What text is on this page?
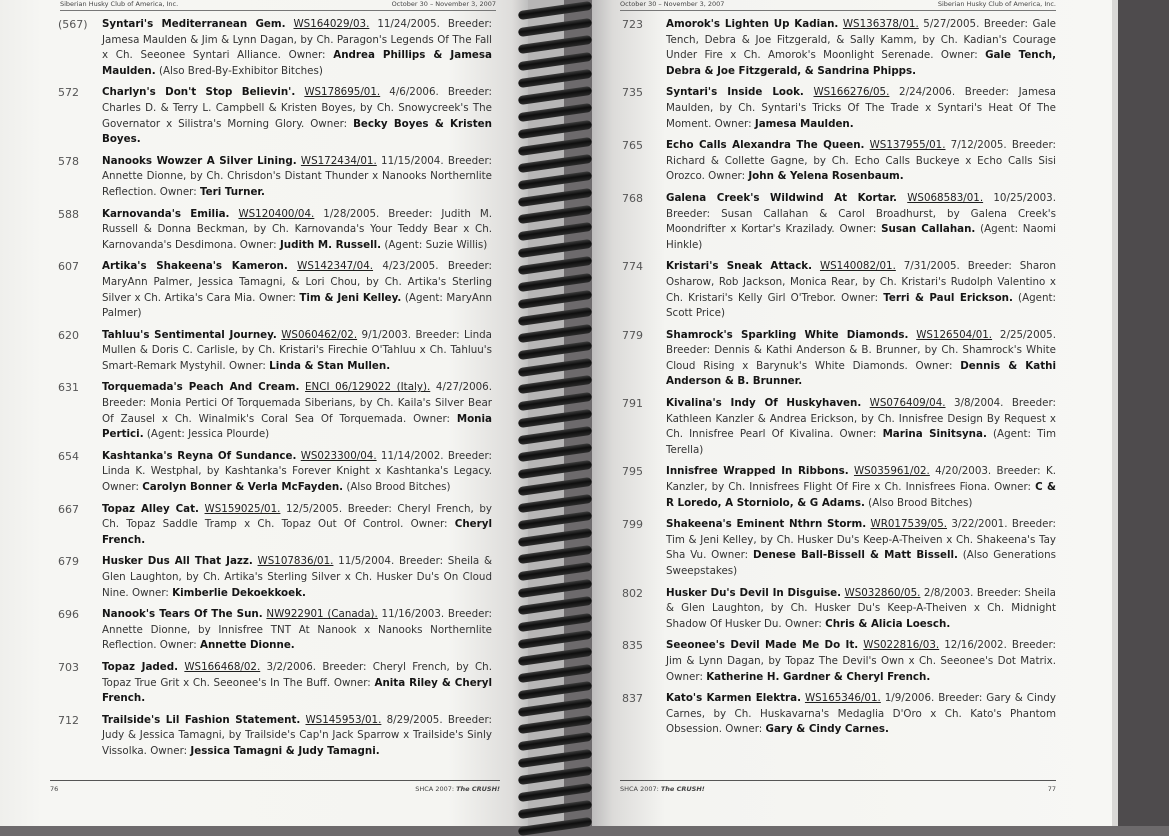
Siberian Husky Club of America, Inc.	October 30 – November 3, 2007
(567)	Syntari's Mediterranean Gem. WS164029/03. 11/24/2005. Breeder: Jamesa Maulden & Jim & Lynn Dagan, by Ch. Paragon's Legends Of The Fall x Ch. Seeonee Syntari Alliance. Owner: Andrea Phillips & Jamesa Maulden. (Also Bred-By-Exhibitor Bitches)
572	Charlyn's Don't Stop Believin'. WS178695/01. 4/6/2006. Breeder: Charles D. & Terry L. Campbell & Kristen Boyes, by Ch. Snowycreek's The Governator x Silistra's Morning Glory. Owner: Becky Boyes & Kristen Boyes.
578	Nanooks Wowzer A Silver Lining. WS172434/01. 11/15/2004. Breeder: Annette Dionne, by Ch. Chrisdon's Distant Thunder x Nanooks Northernlite Reflection. Owner: Teri Turner.
588	Karnovanda's Emilia. WS120400/04. 1/28/2005. Breeder: Judith M. Russell & Donna Beckman, by Ch. Karnovanda's Your Teddy Bear x Ch. Karnovanda's Desdimona. Owner: Judith M. Russell. (Agent: Suzie Willis)
607	Artika's Shakeena's Kameron. WS142347/04. 4/23/2005. Breeder: MaryAnn Palmer, Jessica Tamagni, & Lori Chou, by Ch. Artika's Sterling Silver x Ch. Artika's Cara Mia. Owner: Tim & Jeni Kelley. (Agent: MaryAnn Palmer)
620	Tahluu's Sentimental Journey. WS060462/02. 9/1/2003. Breeder: Linda Mullen & Doris C. Carlisle, by Ch. Kristari's Firechie O'Tahluu x Ch. Tahluu's Smart-Remark Mystyhil. Owner: Linda & Stan Mullen.
631	Torquemada's Peach And Cream. ENCI 06/129022 (Italy). 4/27/2006. Breeder: Monia Pertici Of Torquemada Siberians, by Ch. Kaila's Silver Bear Of Zausel x Ch. Winalmik's Coral Sea Of Torquemada. Owner: Monia Pertici. (Agent: Jessica Plourde)
654	Kashtanka's Reyna Of Sundance. WS023300/04. 11/14/2002. Breeder: Linda K. Westphal, by Kashtanka's Forever Knight x Kashtanka's Legacy. Owner: Carolyn Bonner & Verla McFayden. (Also Brood Bitches)
667	Topaz Alley Cat. WS159025/01. 12/5/2005. Breeder: Cheryl French, by Ch. Topaz Saddle Tramp x Ch. Topaz Out Of Control. Owner: Cheryl French.
679	Husker Dus All That Jazz. WS107836/01. 11/5/2004. Breeder: Sheila & Glen Laughton, by Ch. Artika's Sterling Silver x Ch. Husker Du's On Cloud Nine. Owner: Kimberlie Dekoekkoek.
696	Nanook's Tears Of The Sun. NW922901 (Canada). 11/16/2003. Breeder: Annette Dionne, by Innisfree TNT At Nanook x Nanooks Northernlite Reflection. Owner: Annette Dionne.
703	Topaz Jaded. WS166468/02. 3/2/2006. Breeder: Cheryl French, by Ch. Topaz True Grit x Ch. Seeonee's In The Buff. Owner: Anita Riley & Cheryl French.
712	Trailside's Lil Fashion Statement. WS145953/01. 8/29/2005. Breeder: Judy & Jessica Tamagni, by Trailside's Cap'n Jack Sparrow x Trailside's Sinly Vissolka. Owner: Jessica Tamagni & Judy Tamagni.
76	SHCA 2007: The CRUSH!
October 30 – November 3, 2007	Siberian Husky Club of America, Inc.
723	Amorok's Lighten Up Kadian. WS136378/01. 5/27/2005. Breeder: Gale Tench, Debra & Joe Fitzgerald, & Sally Kamm, by Ch. Kadian's Courage Under Fire x Ch. Amorok's Moonlight Serenade. Owner: Gale Tench, Debra & Joe Fitzgerald, & Sandrina Phipps.
735	Syntari's Inside Look. WS166276/05. 2/24/2006. Breeder: Jamesa Maulden, by Ch. Syntari's Tricks Of The Trade x Syntari's Heat Of The Moment. Owner: Jamesa Maulden.
765	Echo Calls Alexandra The Queen. WS137955/01. 7/12/2005. Breeder: Richard & Collette Gagne, by Ch. Echo Calls Buckeye x Echo Calls Sisi Orozco. Owner: John & Yelena Rosenbaum.
768	Galena Creek's Wildwind At Kortar. WS068583/01. 10/25/2003. Breeder: Susan Callahan & Carol Broadhurst, by Galena Creek's Moondrifter x Kortar's Krazilady. Owner: Susan Callahan. (Agent: Naomi Hinkle)
774	Kristari's Sneak Attack. WS140082/01. 7/31/2005. Breeder: Sharon Osharow, Rob Jackson, Monica Rear, by Ch. Kristari's Rudolph Valentino x Ch. Kristari's Kelly Girl O'Trebor. Owner: Terri & Paul Erickson. (Agent: Scott Price)
779	Shamrock's Sparkling White Diamonds. WS126504/01. 2/25/2005. Breeder: Dennis & Kathi Anderson & B. Brunner, by Ch. Shamrock's White Cloud Rising x Barynuk's White Diamonds. Owner: Dennis & Kathi Anderson & B. Brunner.
791	Kivalina's Indy Of Huskyhaven. WS076409/04. 3/8/2004. Breeder: Kathleen Kanzler & Andrea Erickson, by Ch. Innisfree Design By Request x Ch. Innisfree Pearl Of Kivalina. Owner: Marina Sinitsyna. (Agent: Tim Terella)
795	Innisfree Wrapped In Ribbons. WS035961/02. 4/20/2003. Breeder: K. Kanzler, by Ch. Innisfrees Flight Of Fire x Ch. Innisfrees Fiona. Owner: C & R Loredo, A Storniolo, & G Adams. (Also Brood Bitches)
799	Shakeena's Eminent Nthrn Storm. WR017539/05. 3/22/2001. Breeder: Tim & Jeni Kelley, by Ch. Husker Du's Keep-A-Theiven x Ch. Shakeena's Tay Sha Vu. Owner: Denese Ball-Bissell & Matt Bissell. (Also Generations Sweepstakes)
802	Husker Du's Devil In Disguise. WS032860/05. 2/8/2003. Breeder: Sheila & Glen Laughton, by Ch. Husker Du's Keep-A-Theiven x Ch. Midnight Shadow Of Husker Du. Owner: Chris & Alicia Loesch.
835	Seeonee's Devil Made Me Do It. WS022816/03. 12/16/2002. Breeder: Jim & Lynn Dagan, by Topaz The Devil's Own x Ch. Seeonee's Dot Matrix. Owner: Katherine H. Gardner & Cheryl French.
837	Kato's Karmen Elektra. WS165346/01. 1/9/2006. Breeder: Gary & Cindy Carnes, by Ch. Huskavarna's Medaglia D'Oro x Ch. Kato's Phantom Obsession. Owner: Gary & Cindy Carnes.
SHCA 2007: The CRUSH!	77
